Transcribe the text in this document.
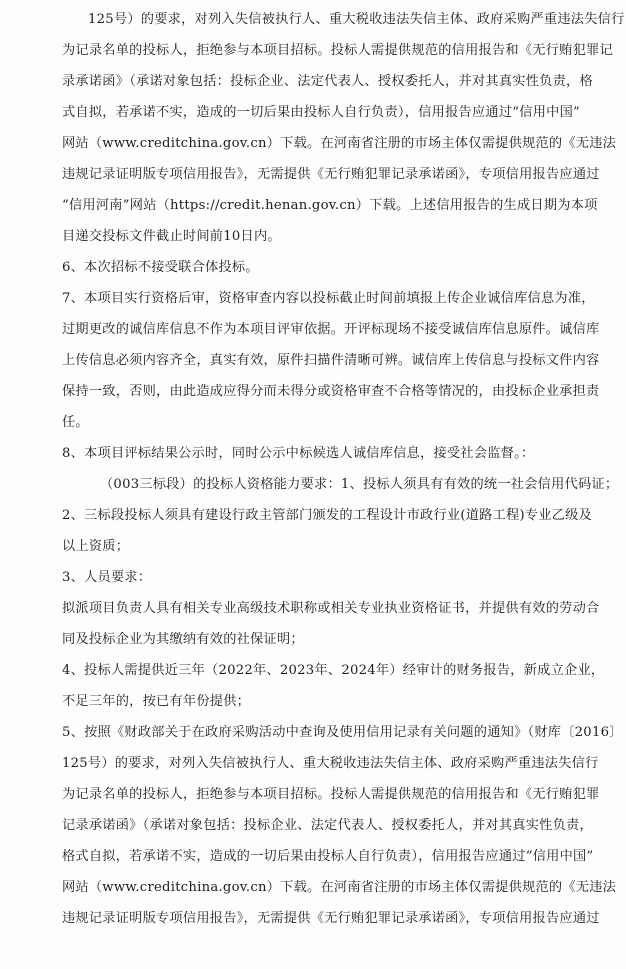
125号）的要求，对列入失信被执行人、重大税收违法失信主体、政府采购严重违法失信行
为记录名单的投标人，拒绝参与本项目招标。投标人需提供规范的信用报告和《无行贿犯罪记
录承诺函》（承诺对象包括：投标企业、法定代表人、授权委托人，并对其真实性负责，格
式自拟，若承诺不实，造成的一切后果由投标人自行负责），信用报告应通过“信用中国”
网站（www.creditchina.gov.cn）下载。在河南省注册的市场主体仅需提供规范的《无违法
违规记录证明版专项信用报告》，无需提供《无行贿犯罪记录承诺函》，专项信用报告应通过
“信用河南”网站（https://credit.henan.gov.cn）下载。上述信用报告的生成日期为本项
目递交投标文件截止时间前10日内。
6、本次招标不接受联合体投标。
7、本项目实行资格后审，资格审查内容以投标截止时间前填报上传企业诚信库信息为准，
过期更改的诚信库信息不作为本项目评审依据。开评标现场不接受诚信库信息原件。诚信库
上传信息必须内容齐全，真实有效，原件扫描件清晰可辨。诚信库上传信息与投标文件内容
保持一致，否则，由此造成应得分而未得分或资格审查不合格等情况的，由投标企业承担责
任。
8、本项目评标结果公示时，同时公示中标候选人诚信库信息，接受社会监督。：
（003三标段）的投标人资格能力要求：1、投标人须具有有效的统一社会信用代码证；
2、三标段投标人须具有建设行政主管部门颁发的工程设计市政行业(道路工程)专业乙级及
以上资质；
3、人员要求：
拟派项目负责人具有相关专业高级技术职称或相关专业执业资格证书，并提供有效的劳动合
同及投标企业为其缴纳有效的社保证明；
4、投标人需提供近三年（2022年、2023年、2024年）经审计的财务报告，新成立企业，
不足三年的，按已有年份提供；
5、按照《财政部关于在政府采购活动中查询及使用信用记录有关问题的通知》（财库〔2016〕
125号）的要求，对列入失信被执行人、重大税收违法失信主体、政府采购严重违法失信行
为记录名单的投标人，拒绝参与本项目招标。投标人需提供规范的信用报告和《无行贿犯罪
记录承诺函》（承诺对象包括：投标企业、法定代表人、授权委托人，并对其真实性负责，
格式自拟，若承诺不实，造成的一切后果由投标人自行负责），信用报告应通过“信用中国”
网站（www.creditchina.gov.cn）下载。在河南省注册的市场主体仅需提供规范的《无违法
违规记录证明版专项信用报告》，无需提供《无行贿犯罪记录承诺函》，专项信用报告应通过
